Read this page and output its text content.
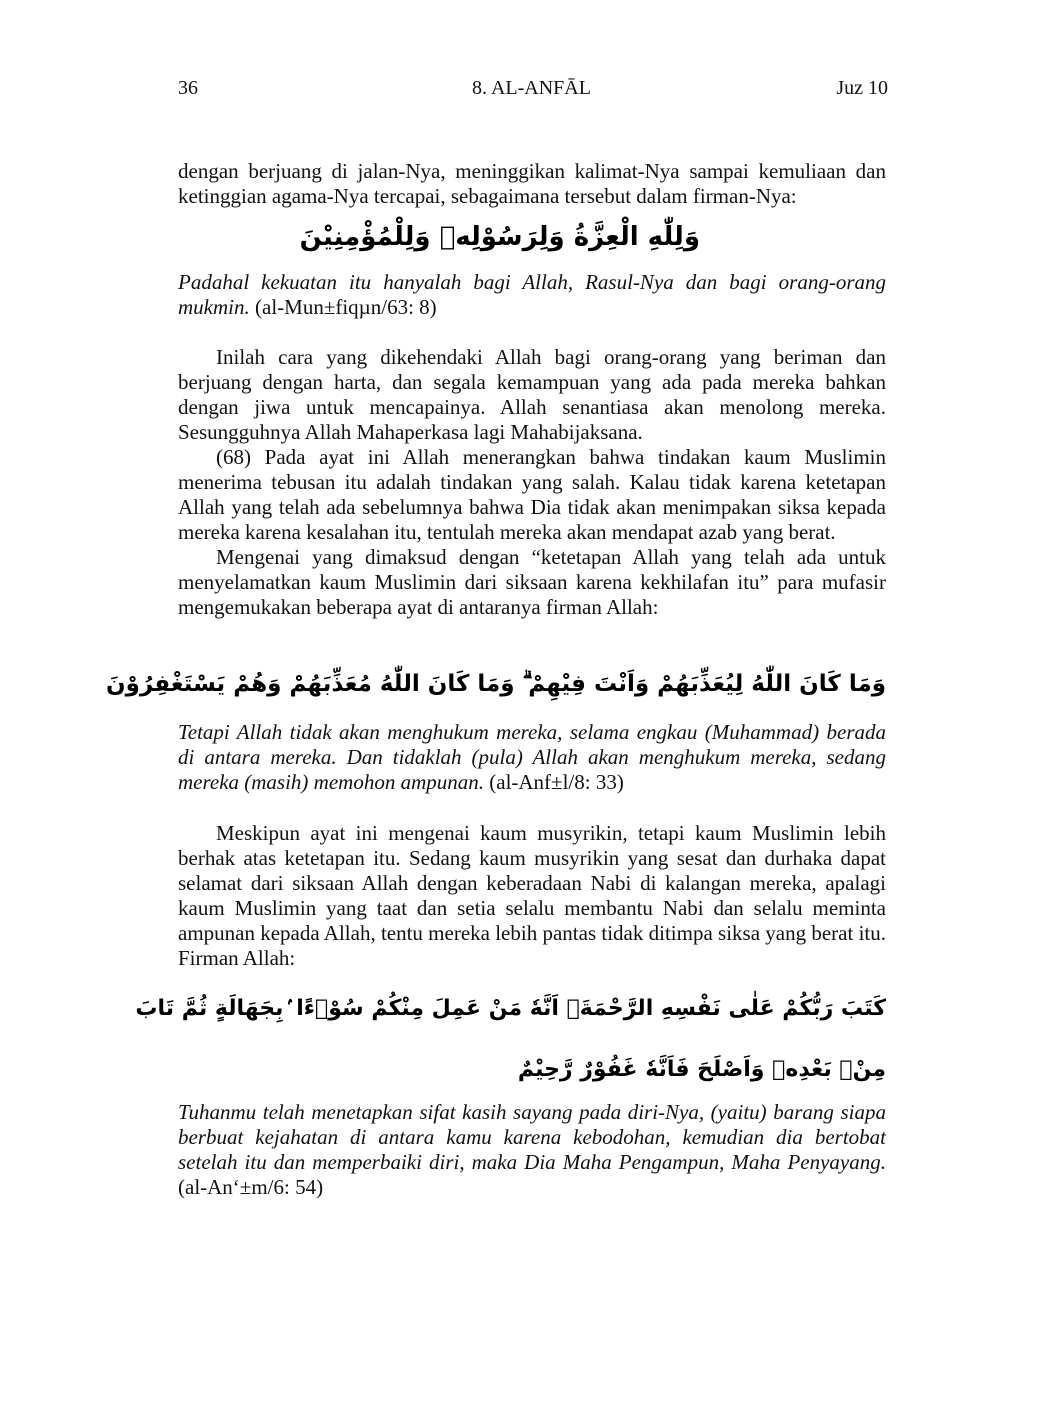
36	8. AL-ANFĀL	Juz 10

dengan berjuang di jalan-Nya, meninggikan kalimat-Nya sampai kemuliaan dan ketinggian agama-Nya tercapai, sebagaimana tersebut dalam firman-Nya:

وَلِلّٰهِ الْعِزَّةُ وَلِرَسُوْلِهٖ وَلِلْمُؤْمِنِيْنَ

Padahal kekuatan itu hanyalah bagi Allah, Rasul-Nya dan bagi orang-orang mukmin. (al-Mun±fiqµn/63: 8)

Inilah cara yang dikehendaki Allah bagi orang-orang yang beriman dan berjuang dengan harta, dan segala kemampuan yang ada pada mereka bahkan dengan jiwa untuk mencapainya. Allah senantiasa akan menolong mereka. Sesungguhnya Allah Mahaperkasa lagi Mahabijaksana.

(68) Pada ayat ini Allah menerangkan bahwa tindakan kaum Muslimin menerima tebusan itu adalah tindakan yang salah. Kalau tidak karena ketetapan Allah yang telah ada sebelumnya bahwa Dia tidak akan menimpakan siksa kepada mereka karena kesalahan itu, tentulah mereka akan mendapat azab yang berat.

Mengenai yang dimaksud dengan “ketetapan Allah yang telah ada untuk menyelamatkan kaum Muslimin dari siksaan karena kekhilafan itu” para mufasir mengemukakan beberapa ayat di antaranya firman Allah:

وَمَا كَانَ اللّٰهُ لِيُعَذِّبَهُمْ وَاَنْتَ فِيْهِمْ ۗ وَمَا كَانَ اللّٰهُ مُعَذِّبَهُمْ وَهُمْ يَسْتَغْفِرُوْنَ

Tetapi Allah tidak akan menghukum mereka, selama engkau (Muhammad) berada di antara mereka. Dan tidaklah (pula) Allah akan menghukum mereka, sedang mereka (masih) memohon ampunan. (al-Anf±l/8: 33)

Meskipun ayat ini mengenai kaum musyrikin, tetapi kaum Muslimin lebih berhak atas ketetapan itu. Sedang kaum musyrikin yang sesat dan durhaka dapat selamat dari siksaan Allah dengan keberadaan Nabi di kalangan mereka, apalagi kaum Muslimin yang taat dan setia selalu membantu Nabi dan selalu meminta ampunan kepada Allah, tentu mereka lebih pantas tidak ditimpa siksa yang berat itu. Firman Allah:

كَتَبَ رَبُّكُمْ عَلٰى نَفْسِهِ الرَّحْمَةَۙ اَنَّهٗ مَنْ عَمِلَ مِنْكُمْ سُوْۤءًا ۢبِجَهَالَةٍ ثُمَّ تَابَ
مِنْۢ بَعْدِهٖ وَاَصْلَحَ فَاَنَّهٗ غَفُوْرٌ رَّحِيْمٌ

Tuhanmu telah menetapkan sifat kasih sayang pada diri-Nya, (yaitu) barang siapa berbuat kejahatan di antara kamu karena kebodohan, kemudian dia bertobat setelah itu dan memperbaiki diri, maka Dia Maha Pengampun, Maha Penyayang. (al-An‘±m/6: 54)
